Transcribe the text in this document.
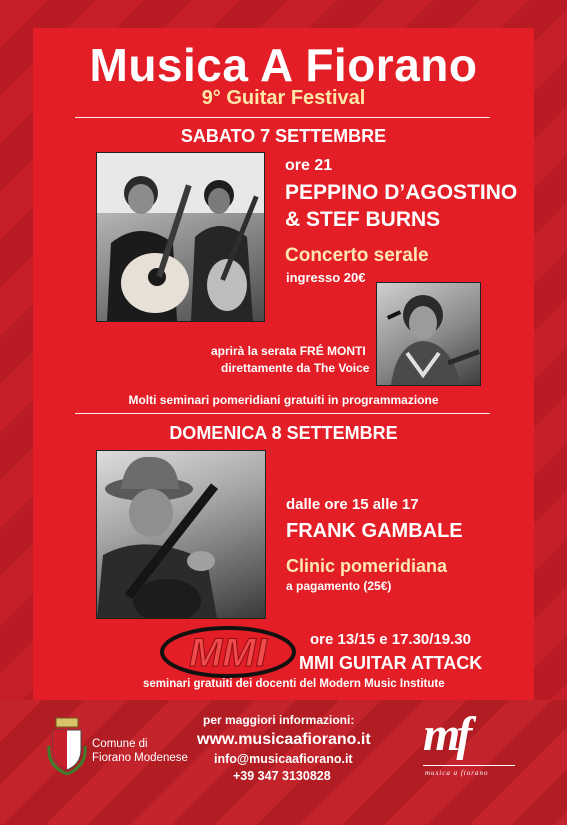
Musica A Fiorano
9° Guitar Festival
SABATO 7 SETTEMBRE
ore 21
PEPPINO D’AGOSTINO
& STEF BURNS
Concerto serale
ingresso 20€
aprirà la serata FRÉ MONTI
direttamente da The Voice
Molti seminari pomeridiani gratuiti in programmazione
DOMENICA 8 SETTEMBRE
dalle ore 15 alle 17
FRANK GAMBALE
Clinic pomeridiana
a pagamento (25€)
MMI	ore 13/15 e 17.30/19.30
MMI GUITAR ATTACK
seminari gratuiti dei docenti del Modern Music Institute
Comune di
Fiorano Modenese
per maggiori informazioni:
www.musicaafiorano.it
info@musicaafiorano.it
+39 347 3130828
mf
musica a fiorano
